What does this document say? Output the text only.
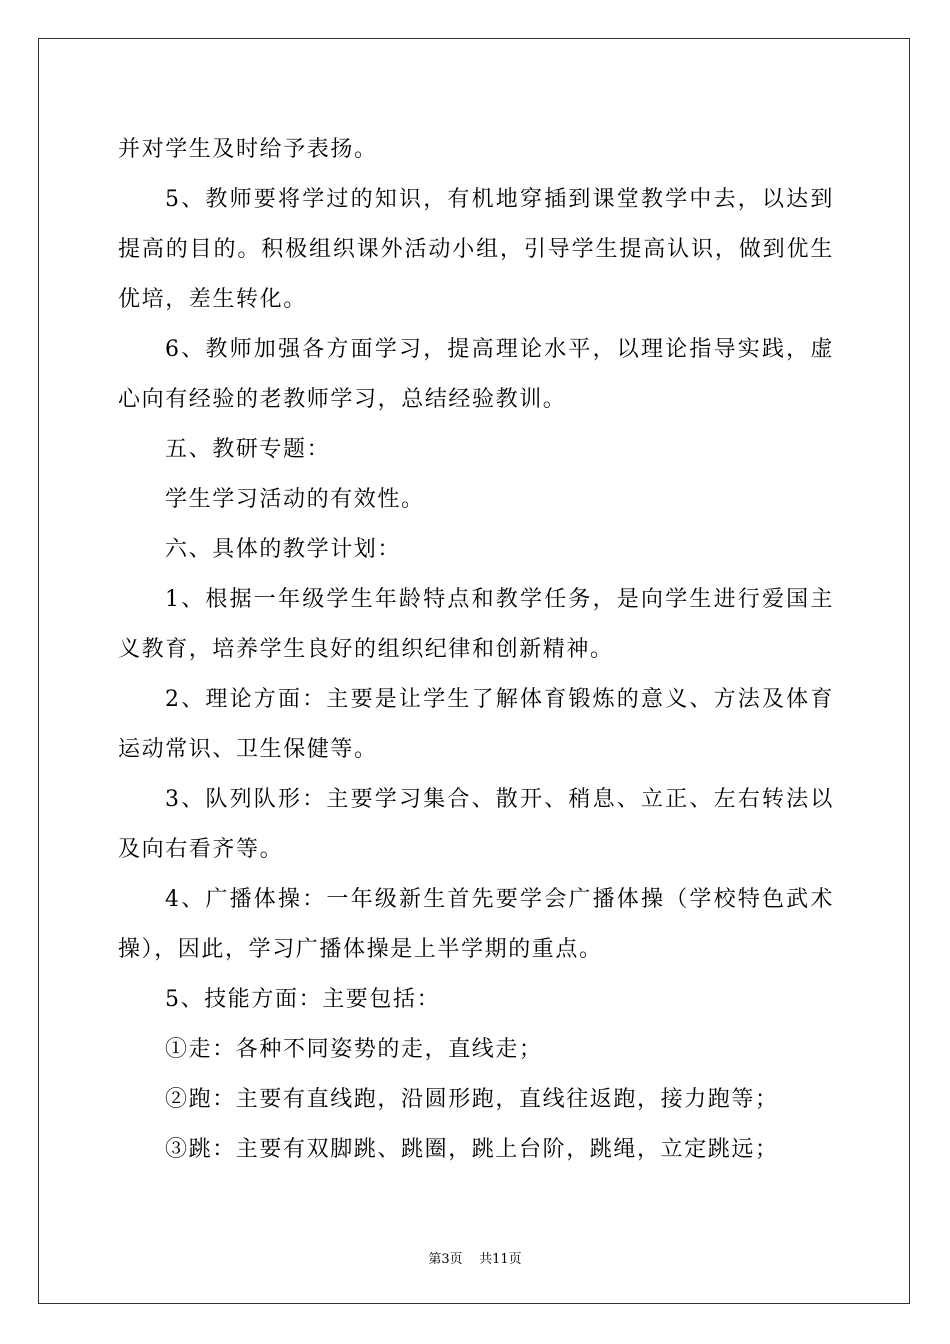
并对学生及时给予表扬。

5、教师要将学过的知识，有机地穿插到课堂教学中去，以达到提高的目的。积极组织课外活动小组，引导学生提高认识，做到优生优培，差生转化。

6、教师加强各方面学习，提高理论水平，以理论指导实践，虚心向有经验的老教师学习，总结经验教训。

五、教研专题：

学生学习活动的有效性。

六、具体的教学计划：

1、根据一年级学生年龄特点和教学任务，是向学生进行爱国主义教育，培养学生良好的组织纪律和创新精神。

2、理论方面：主要是让学生了解体育锻炼的意义、方法及体育运动常识、卫生保健等。

3、队列队形：主要学习集合、散开、稍息、立正、左右转法以及向右看齐等。

4、广播体操：一年级新生首先要学会广播体操（学校特色武术操），因此，学习广播体操是上半学期的重点。

5、技能方面：主要包括：

①走：各种不同姿势的走，直线走；

②跑：主要有直线跑，沿圆形跑，直线往返跑，接力跑等；

③跳：主要有双脚跳、跳圈，跳上台阶，跳绳，立定跳远；

第3页 共11页
